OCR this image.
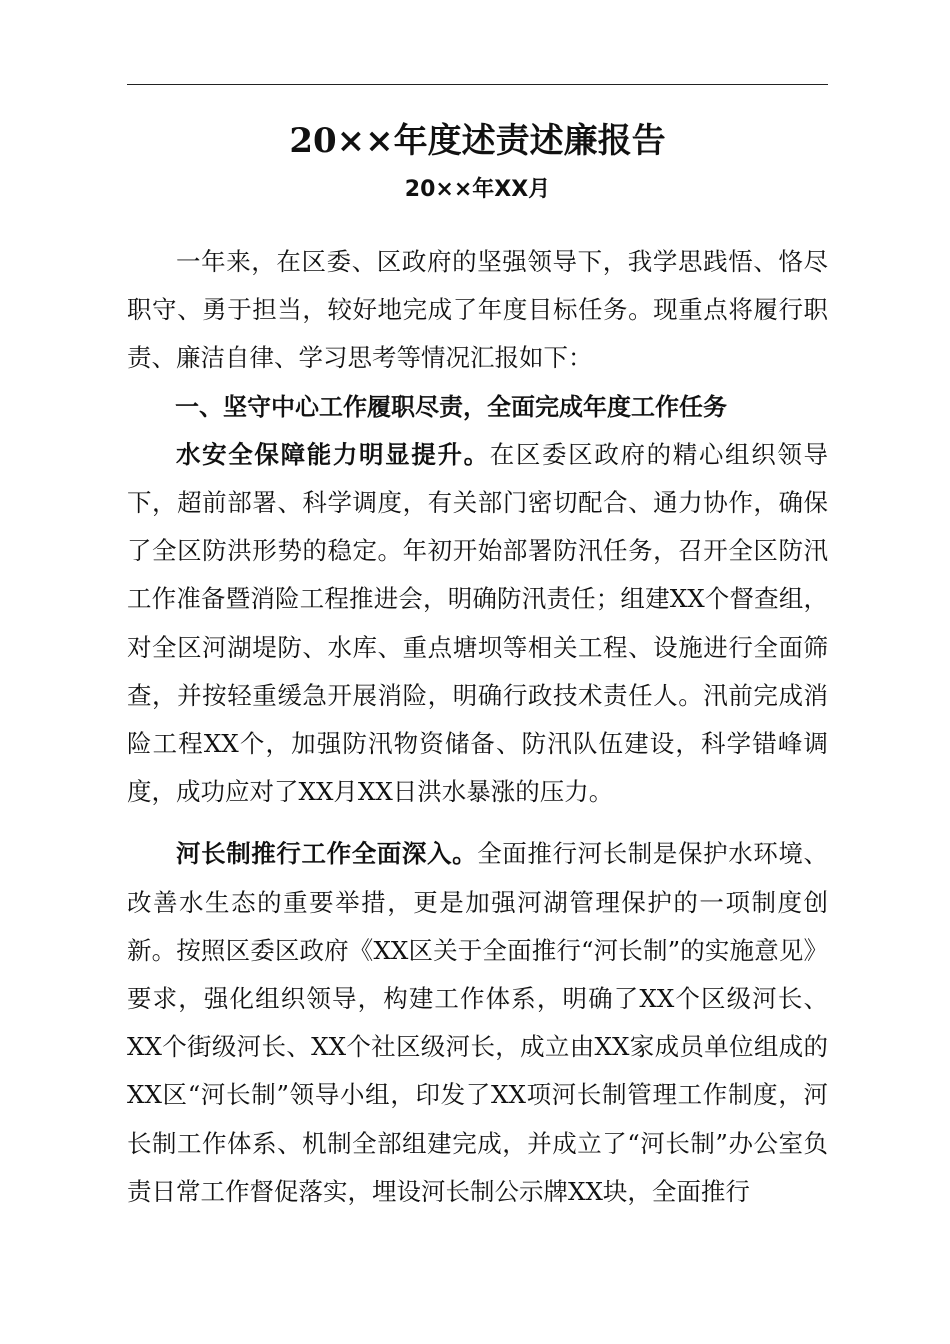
20××年度述责述廉报告
20××年XX月

一年来，在区委、区政府的坚强领导下，我学思践悟、恪尽职守、勇于担当，较好地完成了年度目标任务。现重点将履行职责、廉洁自律、学习思考等情况汇报如下：

一、坚守中心工作履职尽责，全面完成年度工作任务

水安全保障能力明显提升。在区委区政府的精心组织领导下，超前部署、科学调度，有关部门密切配合、通力协作，确保了全区防洪形势的稳定。年初开始部署防汛任务，召开全区防汛工作准备暨消险工程推进会，明确防汛责任；组建XX个督查组，对全区河湖堤防、水库、重点塘坝等相关工程、设施进行全面筛查，并按轻重缓急开展消险，明确行政技术责任人。汛前完成消险工程XX个，加强防汛物资储备、防汛队伍建设，科学错峰调度，成功应对了XX月XX日洪水暴涨的压力。

河长制推行工作全面深入。全面推行河长制是保护水环境、改善水生态的重要举措，更是加强河湖管理保护的一项制度创新。按照区委区政府《XX区关于全面推行“河长制”的实施意见》要求，强化组织领导，构建工作体系，明确了XX个区级河长、XX个街级河长、XX个社区级河长，成立由XX家成员单位组成的XX区“河长制”领导小组，印发了XX项河长制管理工作制度，河长制工作体系、机制全部组建完成，并成立了“河长制”办公室负责日常工作督促落实，埋设河长制公示牌XX块，全面推行
